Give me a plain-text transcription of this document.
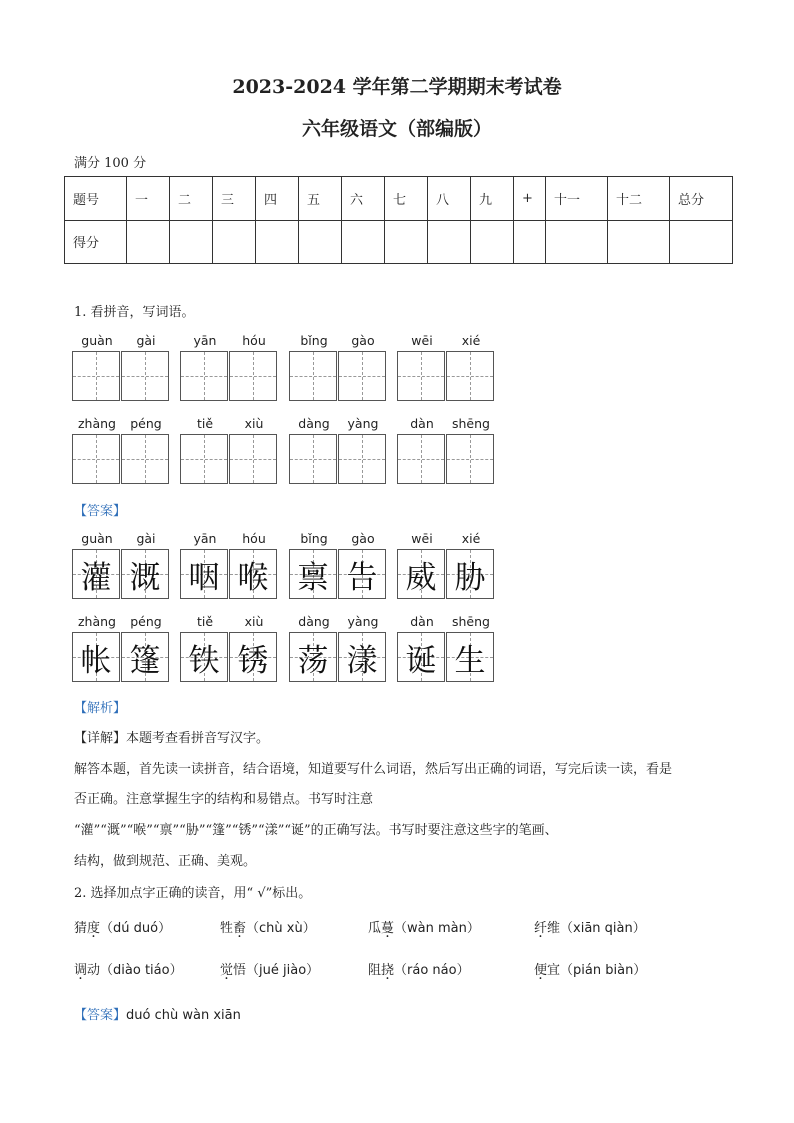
2023-2024 学年第二学期期末考试卷
六年级语文（部编版）
满分 100 分
题号	一	二	三	四	五	六	七	八	九	+	十一	十二	总分
得分													
1. 看拼音，写词语。
guàn	gài	yān	hóu	bǐng	gào	wēi	xié
zhàng	péng	tiě	xiù	dàng	yàng	dàn	shēng
【答案】
guàn
灌
gài
溉
yān
咽
hóu
喉
bǐng
禀
gào
告
wēi
威
xié
胁
zhàng
帐
péng
篷
tiě
铁
xiù
锈
dàng
荡
yàng
漾
dàn
诞
shēng
生
【解析】
【详解】本题考查看拼音写汉字。
解答本题，首先读一读拼音，结合语境，知道要写什么词语，然后写出正确的词语，写完后读一读，看是
否正确。注意掌握生字的结构和易错点。书写时注意
“灌”“溉”“喉”“禀”“胁”“篷”“锈”“漾”“诞”的正确写法。书写时要注意这些字的笔画、
结构，做到规范、正确、美观。
2. 选择加点字正确的读音，用“ √”标出。
猜度（dú duó）	牲畜（chù xù）	瓜蔓（wàn màn）	纤维（xiān qiàn）
调动（diào tiáo）	觉悟（jué jiào）	阻挠（ráo náo）	便宜（pián biàn）
【答案】duó chù wàn xiān
